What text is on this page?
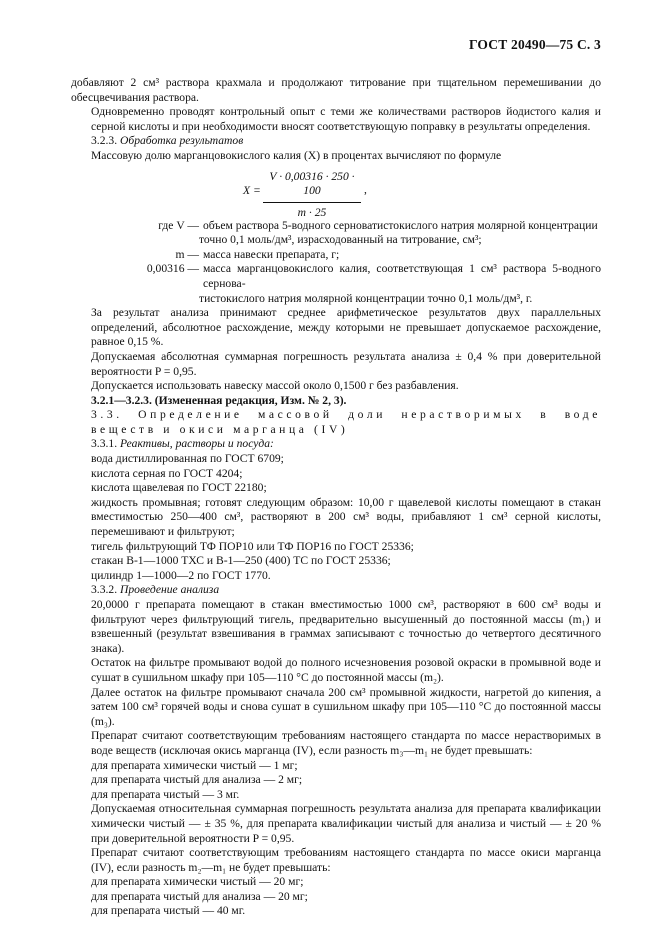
ГОСТ 20490—75 С. 3

добавляют 2 см³ раствора крахмала и продолжают титрование при тщательном перемешивании до обесцвечивания раствора.

Одновременно проводят контрольный опыт с теми же количествами растворов йодистого калия и серной кислоты и при необходимости вносят соответствующую поправку в результаты определения.

3.2.3. Обработка результатов

Массовую долю марганцовокислого калия (X) в процентах вычисляют по формуле

$X = \frac{V \cdot 0,00316 \cdot 250 \cdot 100}{m \cdot 25}$ ,
где V — объем раствора 5-водного серноватистокислого натрия молярной концентрации
точно 0,1 моль/дм³, израсходованный на титрование, см³;
m — масса навески препарата, г;
0,00316 — масса марганцовокислого калия, соответствующая 1 см³ раствора 5-водного сернова-
тистокислого натрия молярной концентрации точно 0,1 моль/дм³, г.

За результат анализа принимают среднее арифметическое результатов двух параллельных определений, абсолютное расхождение, между которыми не превышает допускаемое расхождение, равное 0,15 %.

Допускаемая абсолютная суммарная погрешность результата анализа ± 0,4 % при доверительной вероятности P = 0,95.

Допускается использовать навеску массой около 0,1500 г без разбавления.

3.2.1—3.2.3. (Измененная редакция, Изм. № 2, 3).

3.3. Определение массовой доли нерастворимых в воде веществ и окиси марганца (IV)

3.3.1. Реактивы, растворы и посуда:

вода дистиллированная по ГОСТ 6709;

кислота серная по ГОСТ 4204;

кислота щавелевая по ГОСТ 22180;

жидкость промывная; готовят следующим образом: 10,00 г щавелевой кислоты помещают в стакан вместимостью 250—400 см³, растворяют в 200 см³ воды, прибавляют 1 см³ серной кислоты, перемешивают и фильтруют;

тигель фильтрующий ТФ ПОР10 или ТФ ПОР16 по ГОСТ 25336;

стакан В-1—1000 ТХС и В-1—250 (400) ТС по ГОСТ 25336;

цилиндр 1—1000—2 по ГОСТ 1770.

3.3.2. Проведение анализа

20,0000 г препарата помещают в стакан вместимостью 1000 см³, растворяют в 600 см³ воды и фильтруют через фильтрующий тигель, предварительно высушенный до постоянной массы (m₁) и взвешенный (результат взвешивания в граммах записывают с точностью до четвертого десятичного знака).

Остаток на фильтре промывают водой до полного исчезновения розовой окраски в промывной воде и сушат в сушильном шкафу при 105—110 °С до постоянной массы (m₂).

Далее остаток на фильтре промывают сначала 200 см³ промывной жидкости, нагретой до кипения, а затем 100 см³ горячей воды и снова сушат в сушильном шкафу при 105—110 °С до постоянной массы (m₃).

Препарат считают соответствующим требованиям настоящего стандарта по массе нерастворимых в воде веществ (исключая окись марганца (IV), если разность m₃—m₁ не будет превышать:

для препарата химически чистый — 1 мг;

для препарата чистый для анализа — 2 мг;

для препарата чистый — 3 мг.

Допускаемая относительная суммарная погрешность результата анализа для препарата квалификации химически чистый — ± 35 %, для препарата квалификации чистый для анализа и чистый — ± 20 % при доверительной вероятности P = 0,95.

Препарат считают соответствующим требованиям настоящего стандарта по массе окиси марганца (IV), если разность m₂—m₁ не будет превышать:

для препарата химически чистый — 20 мг;

для препарата чистый для анализа — 20 мг;

для препарата чистый — 40 мг.
